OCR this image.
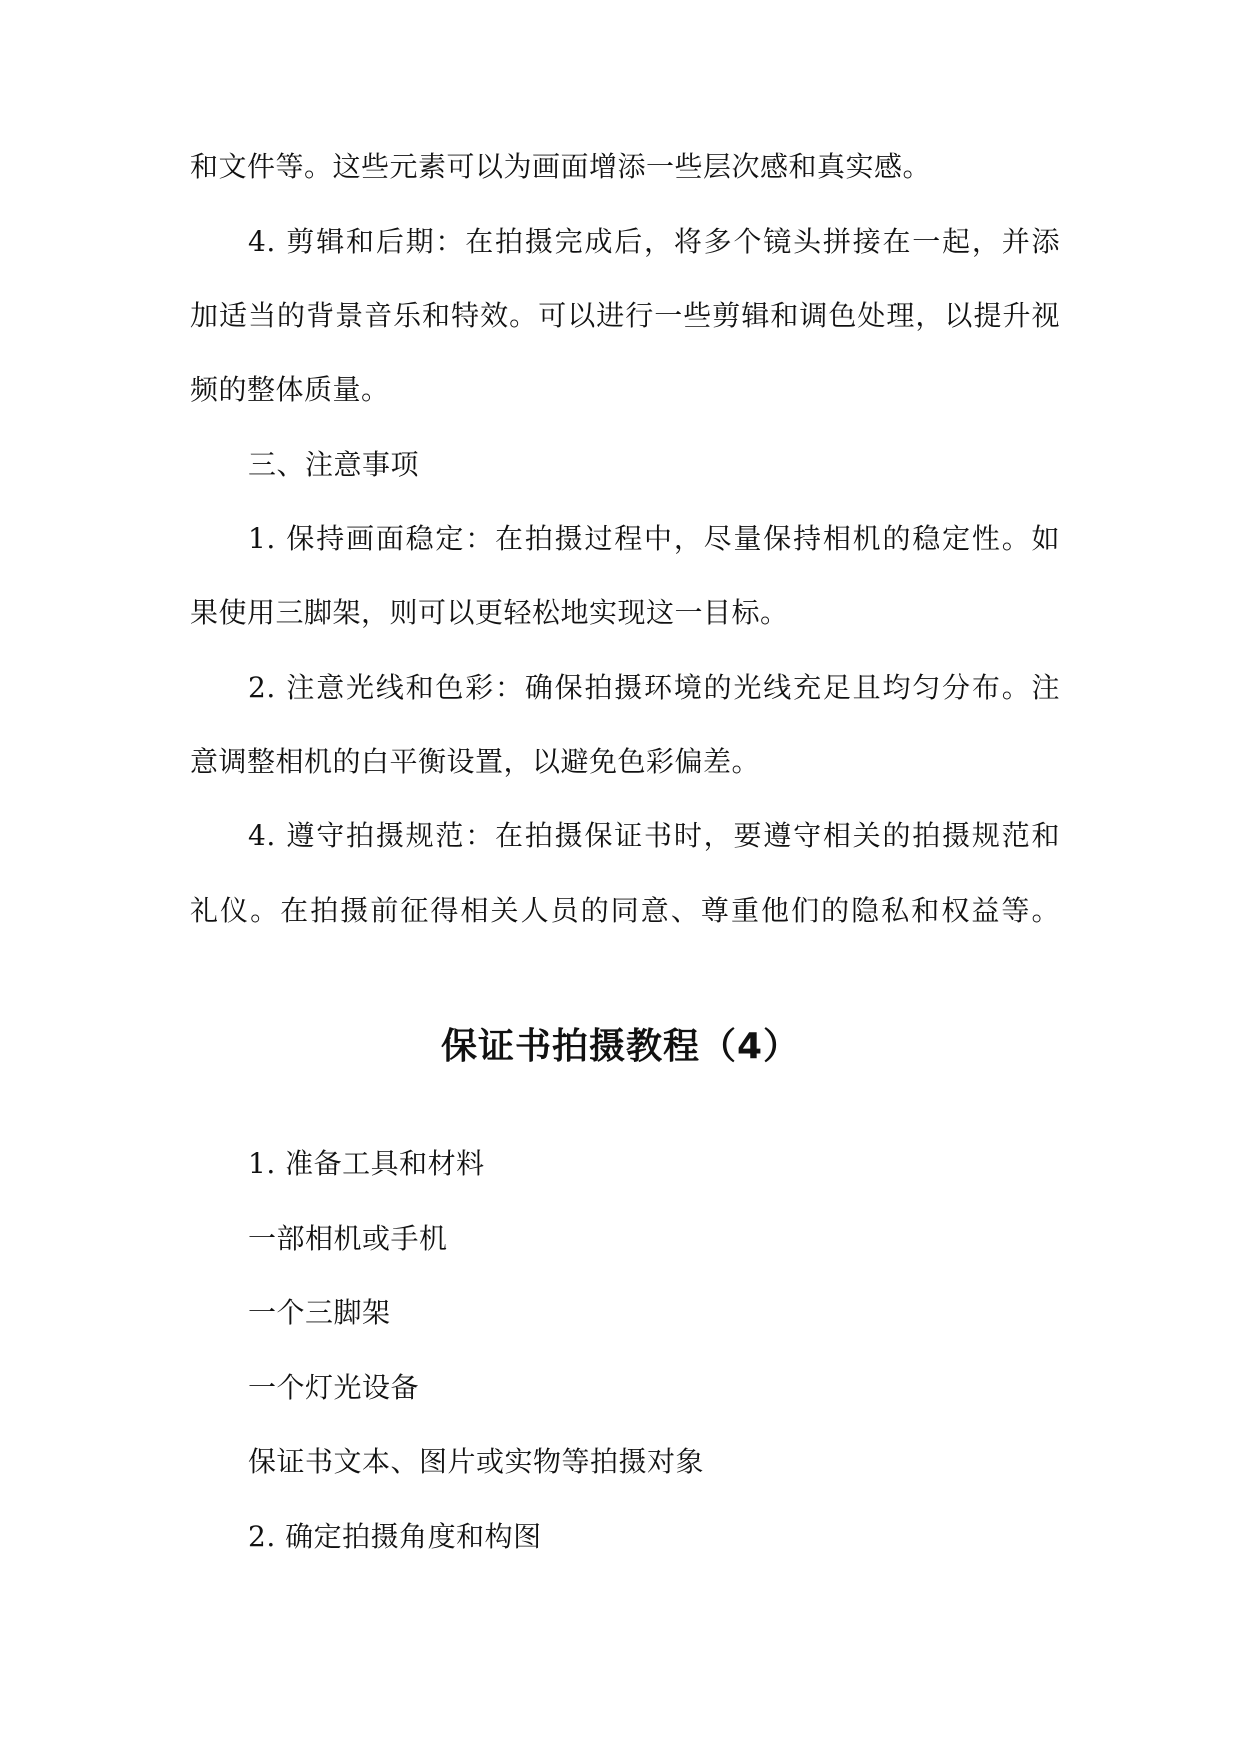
和文件等。这些元素可以为画面增添一些层次感和真实感。
4. 剪辑和后期：在拍摄完成后，将多个镜头拼接在一起，并添
加适当的背景音乐和特效。可以进行一些剪辑和调色处理，以提升视
频的整体质量。
三、注意事项
1. 保持画面稳定：在拍摄过程中，尽量保持相机的稳定性。如
果使用三脚架，则可以更轻松地实现这一目标。
2. 注意光线和色彩：确保拍摄环境的光线充足且均匀分布。注
意调整相机的白平衡设置，以避免色彩偏差。
4. 遵守拍摄规范：在拍摄保证书时，要遵守相关的拍摄规范和
礼仪。在拍摄前征得相关人员的同意、尊重他们的隐私和权益等。
保证书拍摄教程（4）
1. 准备工具和材料
一部相机或手机
一个三脚架
一个灯光设备
保证书文本、图片或实物等拍摄对象
2. 确定拍摄角度和构图
